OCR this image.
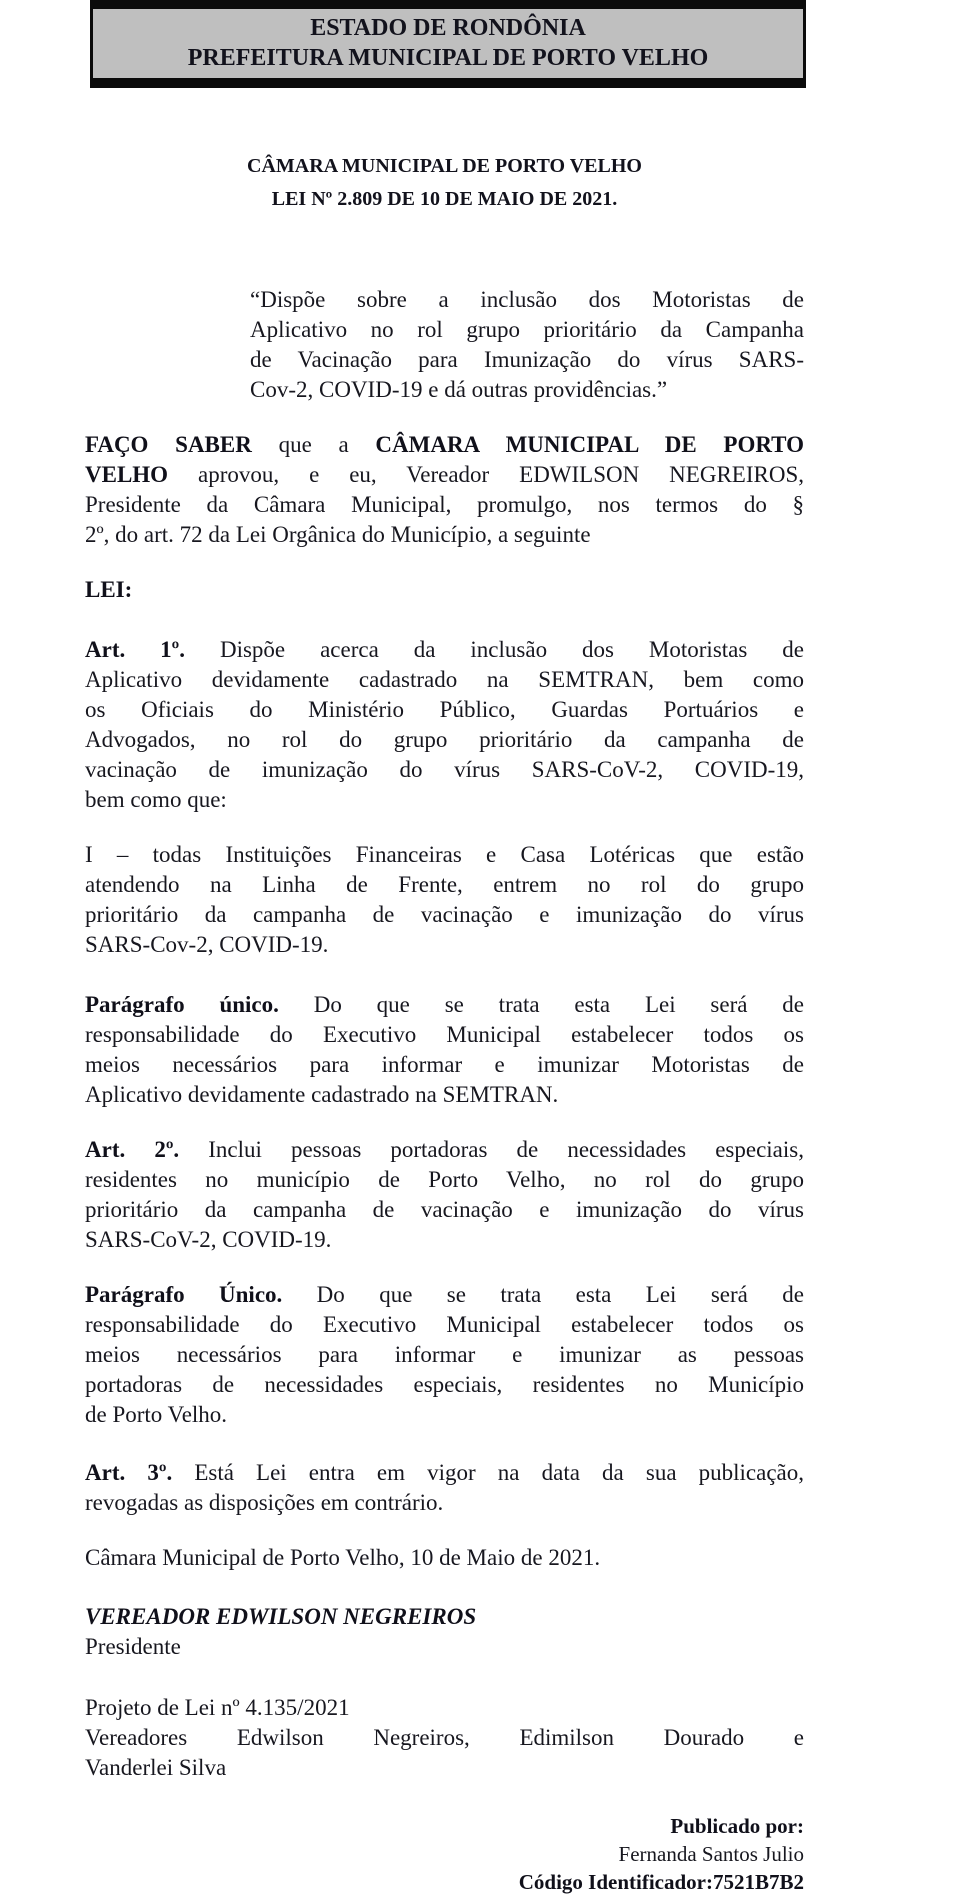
ESTADO DE RONDÔNIA
PREFEITURA MUNICIPAL DE PORTO VELHO
CÂMARA MUNICIPAL DE PORTO VELHO
LEI Nº 2.809 DE 10 DE MAIO DE 2021.
“Dispõe sobre a inclusão dos Motoristas de
Aplicativo no rol grupo prioritário da Campanha
de Vacinação para Imunização do vírus SARS-
Cov-2, COVID-19 e dá outras providências.”
FAÇO SABER que a CÂMARA MUNICIPAL DE PORTO
VELHO aprovou, e eu, Vereador EDWILSON NEGREIROS,
Presidente da Câmara Municipal, promulgo, nos termos do §
2º, do art. 72 da Lei Orgânica do Município, a seguinte
LEI:
Art. 1º. Dispõe acerca da inclusão dos Motoristas de
Aplicativo devidamente cadastrado na SEMTRAN, bem como
os Oficiais do Ministério Público, Guardas Portuários e
Advogados, no rol do grupo prioritário da campanha de
vacinação de imunização do vírus SARS-CoV-2, COVID-19,
bem como que:
I – todas Instituições Financeiras e Casa Lotéricas que estão
atendendo na Linha de Frente, entrem no rol do grupo
prioritário da campanha de vacinação e imunização do vírus
SARS-Cov-2, COVID-19.
Parágrafo único. Do que se trata esta Lei será de
responsabilidade do Executivo Municipal estabelecer todos os
meios necessários para informar e imunizar Motoristas de
Aplicativo devidamente cadastrado na SEMTRAN.
Art. 2º. Inclui pessoas portadoras de necessidades especiais,
residentes no município de Porto Velho, no rol do grupo
prioritário da campanha de vacinação e imunização do vírus
SARS-CoV-2, COVID-19.
Parágrafo Único. Do que se trata esta Lei será de
responsabilidade do Executivo Municipal estabelecer todos os
meios necessários para informar e imunizar as pessoas
portadoras de necessidades especiais, residentes no Município
de Porto Velho.
Art. 3º. Está Lei entra em vigor na data da sua publicação,
revogadas as disposições em contrário.
Câmara Municipal de Porto Velho, 10 de Maio de 2021.
VEREADOR EDWILSON NEGREIROS
Presidente
Projeto de Lei nº 4.135/2021
Vereadores Edwilson Negreiros, Edimilson Dourado e
Vanderlei Silva
Publicado por:
Fernanda Santos Julio
Código Identificador:7521B7B2
